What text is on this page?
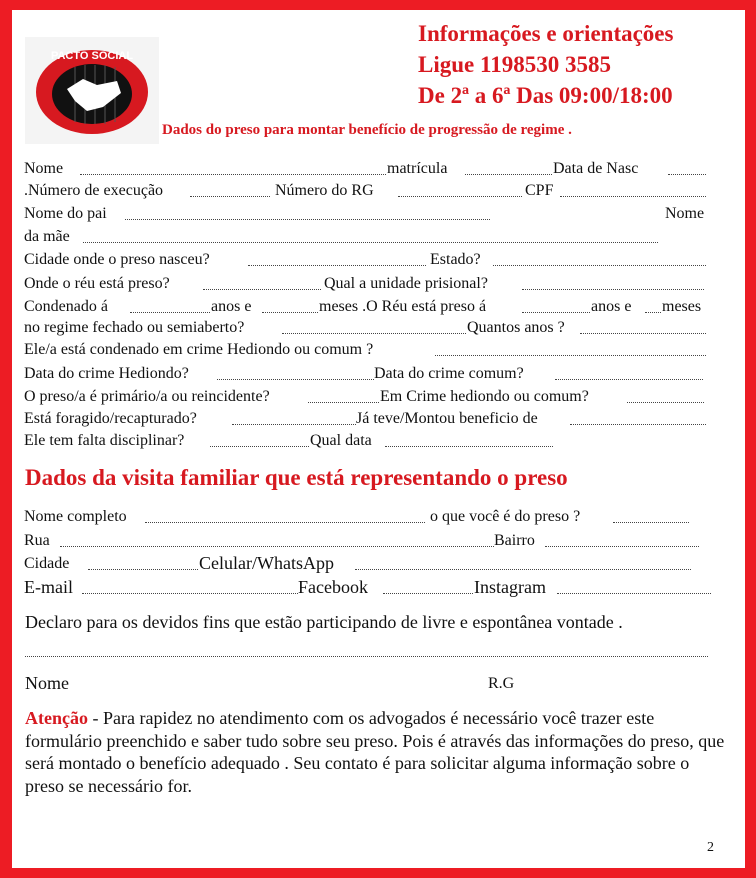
PACTO SOCIAL
Informações e orientações
Ligue 1198530 3585
De 2ª a 6ª Das 09:00/18:00
Dados do preso para montar benefício de progressão de regime .
Nome	matrícula	Data de Nasc
.Número de execução	Número do RG	CPF
Nome do pai	Nome
da mãe
Cidade onde o preso nasceu?	Estado?
Onde o réu está preso?	Qual a unidade prisional?
Condenado á	anos e	meses .O Réu está preso á	anos e meses
no regime fechado ou semiaberto?	Quantos anos ?
Ele/a está condenado em crime Hediondo ou comum ?
Data do crime Hediondo?	Data do crime comum?
O preso/a é primário/a ou reincidente?	Em Crime hediondo ou comum?
Está foragido/recapturado?	Já teve/Montou beneficio de
Ele tem falta disciplinar?	Qual data
Dados da visita familiar que está representando o preso
Nome completo	o que você é do preso ?
Rua	Bairro
Cidade	Celular/WhatsApp
E-mail	Facebook	Instagram
Declaro para os devidos fins que estão participando de livre e espontânea vontade .
Nome	R.G
Atenção - Para rapidez no atendimento com os advogados é necessário você trazer este formulário preenchido e saber tudo sobre seu preso. Pois é através das informações do preso, que será montado o benefício adequado . Seu contato é para solicitar alguma informação sobre o preso se necessário for.
2
